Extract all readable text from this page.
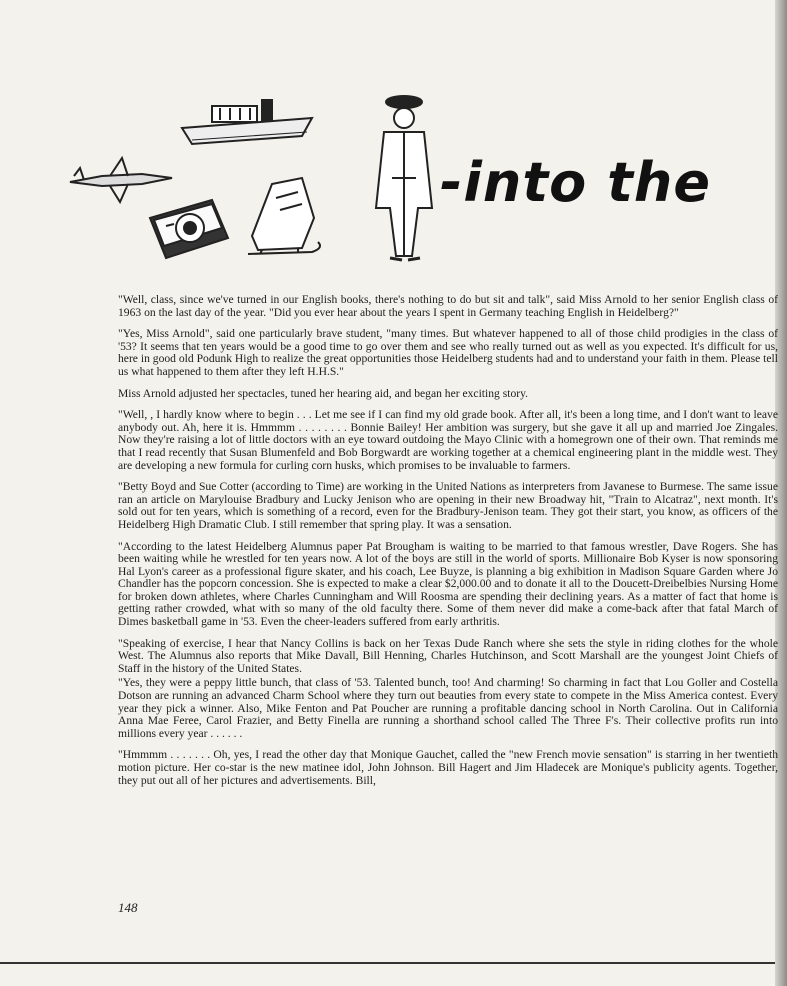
-into the

"Well, class, since we've turned in our English books, there's nothing to do but sit and talk", said Miss Arnold to her senior English class of 1963 on the last day of the year. "Did you ever hear about the years I spent in Germany teaching English in Heidelberg?"

"Yes, Miss Arnold", said one particularly brave student, "many times. But whatever happened to all of those child prodigies in the class of '53? It seems that ten years would be a good time to go over them and see who really turned out as well as you expected. It's difficult for us, here in good old Podunk High to realize the great opportunities those Heidelberg students had and to understand your faith in them. Please tell us what happened to them after they left H.H.S."

Miss Arnold adjusted her spectacles, tuned her hearing aid, and began her exciting story.

"Well, , I hardly know where to begin . . . Let me see if I can find my old grade book. After all, it's been a long time, and I don't want to leave anybody out. Ah, here it is. Hmmmm . . . . . . . . Bonnie Bailey! Her ambition was surgery, but she gave it all up and married Joe Zingales. Now they're raising a lot of little doctors with an eye toward outdoing the Mayo Clinic with a homegrown one of their own. That reminds me that I read recently that Susan Blumenfeld and Bob Borgwardt are working together at a chemical engineering plant in the middle west. They are developing a new formula for curling corn husks, which promises to be invaluable to farmers.

"Betty Boyd and Sue Cotter (according to Time) are working in the United Nations as interpreters from Javanese to Burmese. The same issue ran an article on Marylouise Bradbury and Lucky Jenison who are opening in their new Broadway hit, "Train to Alcatraz", next month. It's sold out for ten years, which is something of a record, even for the Bradbury-Jenison team. They got their start, you know, as officers of the Heidelberg High Dramatic Club. I still remember that spring play. It was a sensation.

"According to the latest Heidelberg Alumnus paper Pat Brougham is waiting to be married to that famous wrestler, Dave Rogers. She has been waiting while he wrestled for ten years now. A lot of the boys are still in the world of sports. Millionaire Bob Kyser is now sponsoring Hal Lyon's career as a professional figure skater, and his coach, Lee Buyze, is planning a big exhibition in Madison Square Garden where Jo Chandler has the popcorn concession. She is expected to make a clear $2,000.00 and to donate it all to the Doucett-Dreibelbies Nursing Home for broken down athletes, where Charles Cunningham and Will Roosma are spending their declining years. As a matter of fact that home is getting rather crowded, what with so many of the old faculty there. Some of them never did make a come-back after that fatal March of Dimes basketball game in '53. Even the cheer-leaders suffered from early arthritis.

"Speaking of exercise, I hear that Nancy Collins is back on her Texas Dude Ranch where she sets the style in riding clothes for the whole West. The Alumnus also reports that Mike Davall, Bill Henning, Charles Hutchinson, and Scott Marshall are the youngest Joint Chiefs of Staff in the history of the United States.

"Yes, they were a peppy little bunch, that class of '53. Talented bunch, too! And charming! So charming in fact that Lou Goller and Costella Dotson are running an advanced Charm School where they turn out beauties from every state to compete in the Miss America contest. Every year they pick a winner. Also, Mike Fenton and Pat Poucher are running a profitable dancing school in North Carolina. Out in California Anna Mae Feree, Carol Frazier, and Betty Finella are running a shorthand school called The Three F's. Their collective profits run into millions every year . . . . . .

"Hmmmm . . . . . . . Oh, yes, I read the other day that Monique Gauchet, called the "new French movie sensation" is starring in her twentieth motion picture. Her co-star is the new matinee idol, John Johnson. Bill Hagert and Jim Hladecek are Monique's publicity agents. Together, they put out all of her pictures and advertisements. Bill,

148
